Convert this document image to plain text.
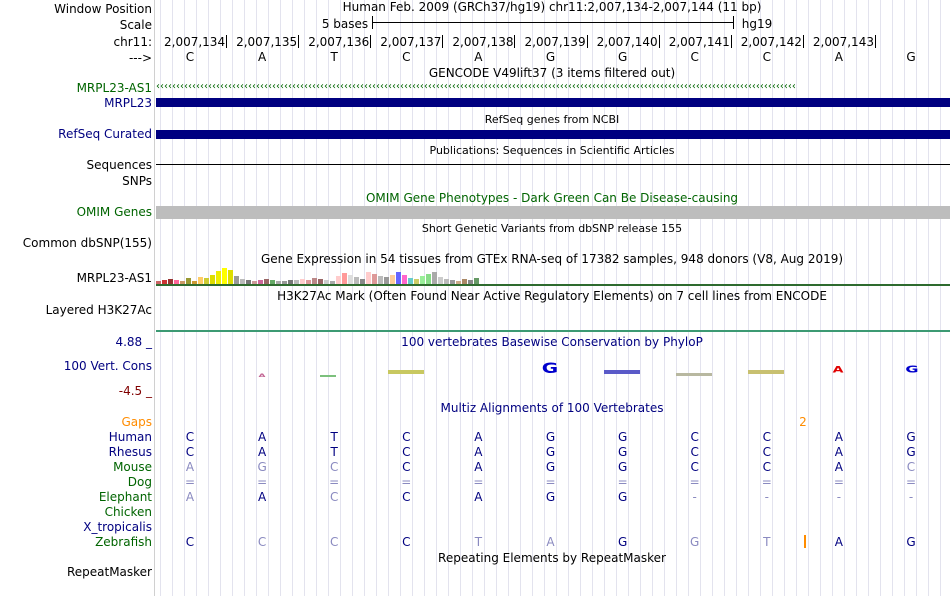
Window Position
Scale
chr11:
--->
Human Feb. 2009 (GRCh37/hg19) chr11:2,007,134-2,007,144 (11 bp)
5 bases	hg19
2,007,134 2,007,135 2,007,136 2,007,137 2,007,138 2,007,139 2,007,140 2,007,141 2,007,142 2,007,143
C	A	T	C	A	G	G	C	C	A	G
GENCODE V49lift37 (3 items filtered out)
MRPL23-AS1 ‹‹‹‹‹‹‹‹‹‹‹‹‹‹‹‹‹‹‹‹‹‹‹‹‹‹‹‹‹‹‹‹‹‹‹‹‹‹‹‹‹‹‹‹‹‹‹‹‹‹‹‹‹‹‹‹‹‹‹‹‹‹‹‹‹‹‹‹‹‹‹‹‹‹‹‹‹‹‹‹‹‹‹‹‹‹‹‹‹‹‹‹‹‹‹‹‹‹‹‹‹‹‹‹‹‹‹‹‹‹‹‹‹‹‹‹‹‹‹‹‹‹‹‹‹‹‹‹‹‹‹‹‹‹‹‹‹‹‹‹‹‹‹‹‹‹‹‹‹‹‹‹‹‹‹‹‹‹‹‹
MRPL23
RefSeq genes from NCBI
RefSeq Curated
Publications: Sequences in Scientific Articles
Sequences
SNPs
OMIM Gene Phenotypes - Dark Green Can Be Disease-causing
OMIM Genes
Short Genetic Variants from dbSNP release 155
Common dbSNP(155)
Gene Expression in 54 tissues from GTEx RNA-seq of 17382 samples, 948 donors (V8, Aug 2019)
MRPL23-AS1
H3K27Ac Mark (Often Found Near Active Regulatory Elements) on 7 cell lines from ENCODE
Layered H3K27Ac
4.88 _	100 vertebrates Basewise Conservation by PhyloP
100 Vert. Cons
-4.5 _
A	G	A	G
Multiz Alignments of 100 Vertebrates
Gaps	2
Human	C	A	T	C	A	G	G	C	C	A	G
Rhesus	C	A	T	C	A	G	G	C	C	A	G
Mouse	A	G	C	C	A	G	G	C	C	A	C
Dog	=	=	=	=	=	=	=	=	=	=	=
Elephant	A	A	C	C	A	G	G	-	-	-	-
Chicken
X_tropicalis
Zebrafish	C	C	C	C	T	A	G	G	T	A	G
Repeating Elements by RepeatMasker
RepeatMasker
